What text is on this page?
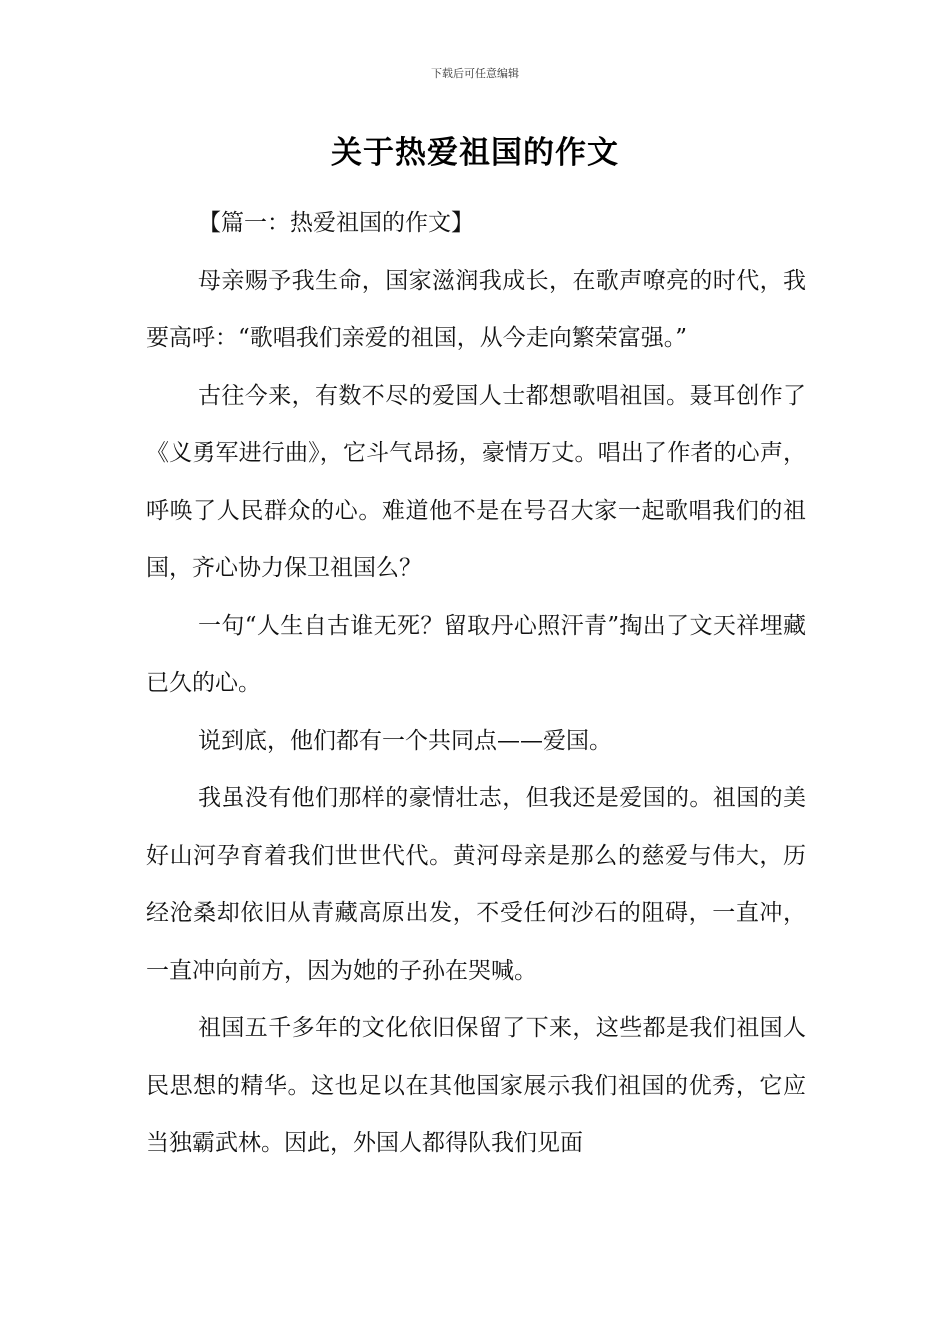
下载后可任意编辑
关于热爱祖国的作文

【篇一：热爱祖国的作文】

母亲赐予我生命，国家滋润我成长，在歌声嘹亮的时代，我要高呼：“歌唱我们亲爱的祖国，从今走向繁荣富强。”

古往今来，有数不尽的爱国人士都想歌唱祖国。聂耳创作了《义勇军进行曲》，它斗气昂扬，豪情万丈。唱出了作者的心声，呼唤了人民群众的心。难道他不是在号召大家一起歌唱我们的祖国，齐心协力保卫祖国么？

一句“人生自古谁无死？留取丹心照汗青”掏出了文天祥埋藏已久的心。

说到底，他们都有一个共同点——爱国。

我虽没有他们那样的豪情壮志，但我还是爱国的。祖国的美好山河孕育着我们世世代代。黄河母亲是那么的慈爱与伟大，历经沧桑却依旧从青藏高原出发，不受任何沙石的阻碍，一直冲，一直冲向前方，因为她的子孙在哭喊。

祖国五千多年的文化依旧保留了下来，这些都是我们祖国人民思想的精华。这也足以在其他国家展示我们祖国的优秀，它应当独霸武林。因此，外国人都得队我们见面
